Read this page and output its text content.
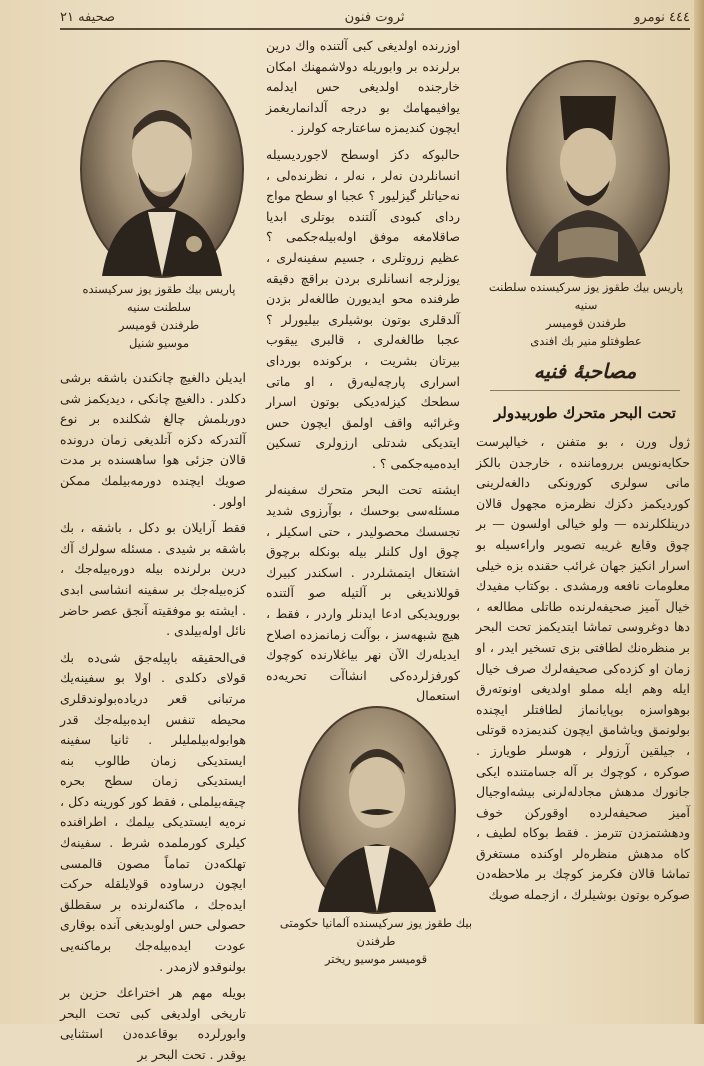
٤٤٤ نومرو
ثروت فنون
صحيفه ۲۱
پاریس بیك طقوز یوز سرکیسنده سلطنت سنیه
طرفندن قومیسر
موسیو شنیل
پاریس بیك طقوز یوز سرکیسنده سلطنت سنیه
طرفندن قومیسر
عطوفتلو منیر بك افندی
مصاحبۀ فنیه
تحت البحر متحرك طوربیدولر

اوزرنده اولدیغی کبی آلتنده واك درین برلرنده بر وابوریله دولاشمهنك امکان خارجنده اولدیغی حس ایدلمه یوافیمهامك بو درجه آلدانماریغمز ایچون کندیمزه ساعتارجه کولرز .

حالبوکه دکز اوسطح لاجوردیسیله انسانلردن نه‌لر ، نه‌لر ، نظرنده‌لی ، نه‌حیاتلر گیزلیور ؟ عجبا او سطح مواج ردای کبودی آلتنده بوتلری ابدیا صاقلامغه موفق اوله‌بیله‌جکمی ؟ عظیم زروتلری ، جسیم سفینه‌لری ، یوزلرجه انسانلری بردن براقچ دقیقه طرفنده محو ایدیورن طالغه‌لر بزدن آلدقلری بوتون بوشیلری بیلیورلر ؟ عجبا طالغه‌لری ، قالبری ییقوب بیرتان بشریت ، برکونده بوردای اسراری پارچه‌لیه‌رق ، او ماتی سطحك کیزله‌دیکی بوتون اسرار وغرائبه واقف اولمق ایچون حس ایتدیکی شدتلی ارزولری تسکین ایده‌میه‌جکمی ؟ .

ایشته تحت البحر متحرك سفینه‌لر مسئله‌سی بوحسك ، بوآرزوی شدید تجسسك محصولیدر ، حتی اسکیلر ، چوق اول کلنلر بیله بونکله برچوق اشتغال ایتمشلردر . اسکندر کبیرك قوللاندیغی بر آلتیله صو آلتنده بورویدیکی ادعا ایدنلر واردر ، فقط ، هیچ شبهه‌سز ، بوآلت زمانمزده اصلاح ایدیله‌رك الآن نهر بیاغلارنده‌ کوچوك کورفزلرده‌کی انشاآت تحریه‌ده استعمال

ایدیلن دالغیچ چانکندن باشقه برشی دکلدر . دالغیچ چانکی ، دیدیکمز شی دوربلمش چالغ شکلنده بر نوع آلتدرکه دکزه آتلدیغی زمان درونده قالان جزئی هوا ساهسنده بر مدت صویك ایچنده دورمه‌بیلمك ممکن اولور .

فقط آرایلان بو دکل ، باشقه ، بك باشقه بر شیدی . مسئله سولرك آك درین برلرنده بیله دوره‌بیله‌جك ، کزه‌بیله‌جك بر سفینه انشاسی ابدی . ایشته بو موفقیته آنجق عصر حاضر نائل اوله‌بیلدی .

فی‌الحقیقه باپیله‌جق شی‌ده بك قولای دکلدی . اولا بو سفینه‌یك مرتبانی قعر دریاده‌بولوندقلری محیطه‌ تنفس ایده‌بیله‌جك قدر هوابوله‌بیلملیلر . ثانیا سفینه ایستدیکی زمان طالوب بنه ایستدیکی زمان سطح بحره چیقه‌بیلملی ، فقط کور کورینه دکل ، نره‌یه ایستدیکی بیلمك ، اطرافنده کیلری کورملمده شرط . سفینه‌ك تهلکه‌دن تماماً مصون قالمسی ایچون درساوده قولایلقله حرکت ایده‌جك ، ماکنه‌لرنده بر سقطلق حصولی حس اولوبدیغی آنده بوقاری عودت ایده‌بیله‌جك برماکنه‌یی بولنوقدو لازمدر .

بویله مهم هر اختراعك حزین بر تاریخی اولدیغی کبی تحت البحر وابورلرده بوقاعده‌دن استثنایی یوقدر . تحت البحر بر

ژول ورن ، بو متفنن ، خیالپرست حکایه‌نویس برروماننده ، خارجدن بالکز مانی سولری کورونکی دالغه‌لرینی کوردیکمز دکزك نظرمزه مجهول قالان درینلکلرنده — ولو خیالی اولسون — بر چوق وقایع غریبه تصویر واراءسیله بو اسرار انکیز جهان غرائب حقنده بزه خیلی معلومات نافعه ورمشدی . بوکتاب مفیدك خیال آمیز صحیفه‌لرنده طاتلی مطالعه ، دها دوغروسی تماشا ایتدیکمز تحت البحر بر منظره‌نك لطافتی بزی تسخیر ایدر ، او زمان او کزده‌کی صحیفه‌لرك صرف خیال ایله وهم ایله مملو اولدیغی اونوته‌رق بوهواسزه بوپایانماز لطافتلر ایچنده بولونمق ویاشامق ایچون کندیمزده قوتلی ، جیلقین آرزولر ، هوسلر طویارز . صوکره ، کوچوك بر آله جسامتنده ایکی جانورك مدهش مجادله‌لرنی بیشه‌اوجیال آمیز صحیفه‌لرده اوقورکن خوف ودهشتمزدن تترمز . فقط بوکاه لطیف ، کاه مدهش منظره‌لر اوکنده مستغرق تماشا قالان فکرمز کوچك بر ملاحظه‌دن صوکره بوتون بوشیلرك ، ازجمله صویك

بیك طقوز یوز سرکیسنده آلمانیا حکومتی طرفندن
قومیسر موسیو ریختر
